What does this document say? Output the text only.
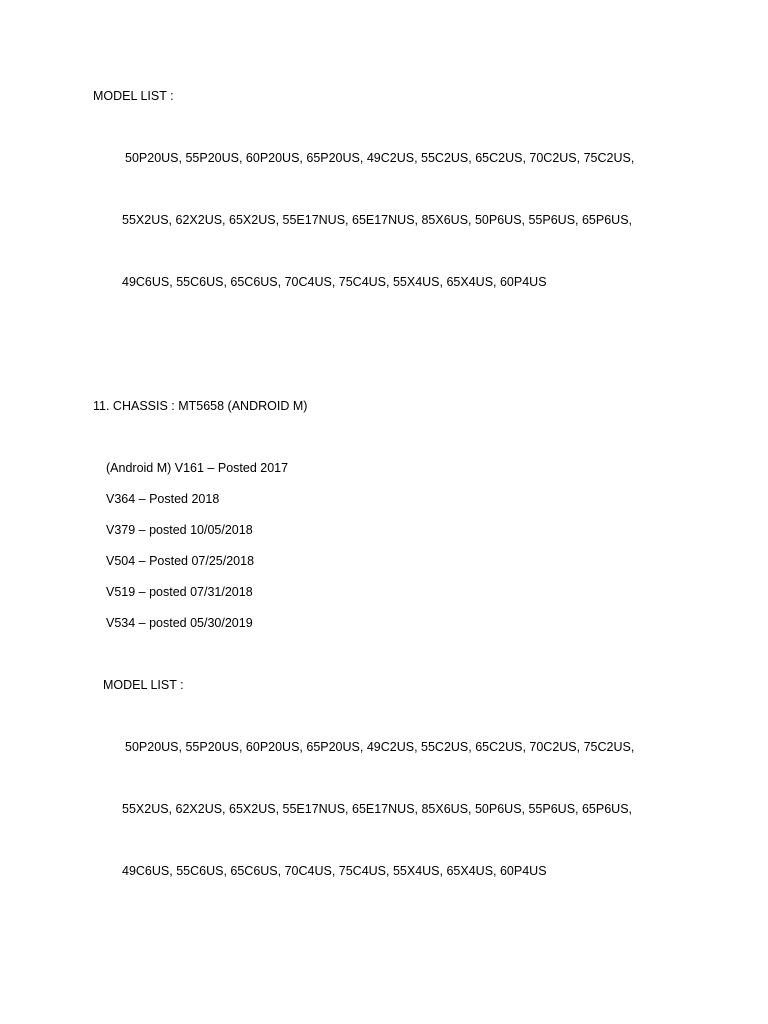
MODEL LIST :
50P20US, 55P20US, 60P20US, 65P20US, 49C2US, 55C2US, 65C2US, 70C2US, 75C2US,
55X2US, 62X2US, 65X2US, 55E17NUS, 65E17NUS, 85X6US, 50P6US, 55P6US, 65P6US,
49C6US, 55C6US, 65C6US, 70C4US, 75C4US, 55X4US, 65X4US, 60P4US
11. CHASSIS : MT5658 (ANDROID M)
(Android M) V161 – Posted 2017
V364 – Posted 2018
V379 – posted 10/05/2018
V504 – Posted 07/25/2018
V519 – posted 07/31/2018
V534 – posted 05/30/2019
MODEL LIST :
50P20US, 55P20US, 60P20US, 65P20US, 49C2US, 55C2US, 65C2US, 70C2US, 75C2US,
55X2US, 62X2US, 65X2US, 55E17NUS, 65E17NUS, 85X6US, 50P6US, 55P6US, 65P6US,
49C6US, 55C6US, 65C6US, 70C4US, 75C4US, 55X4US, 65X4US, 60P4US
